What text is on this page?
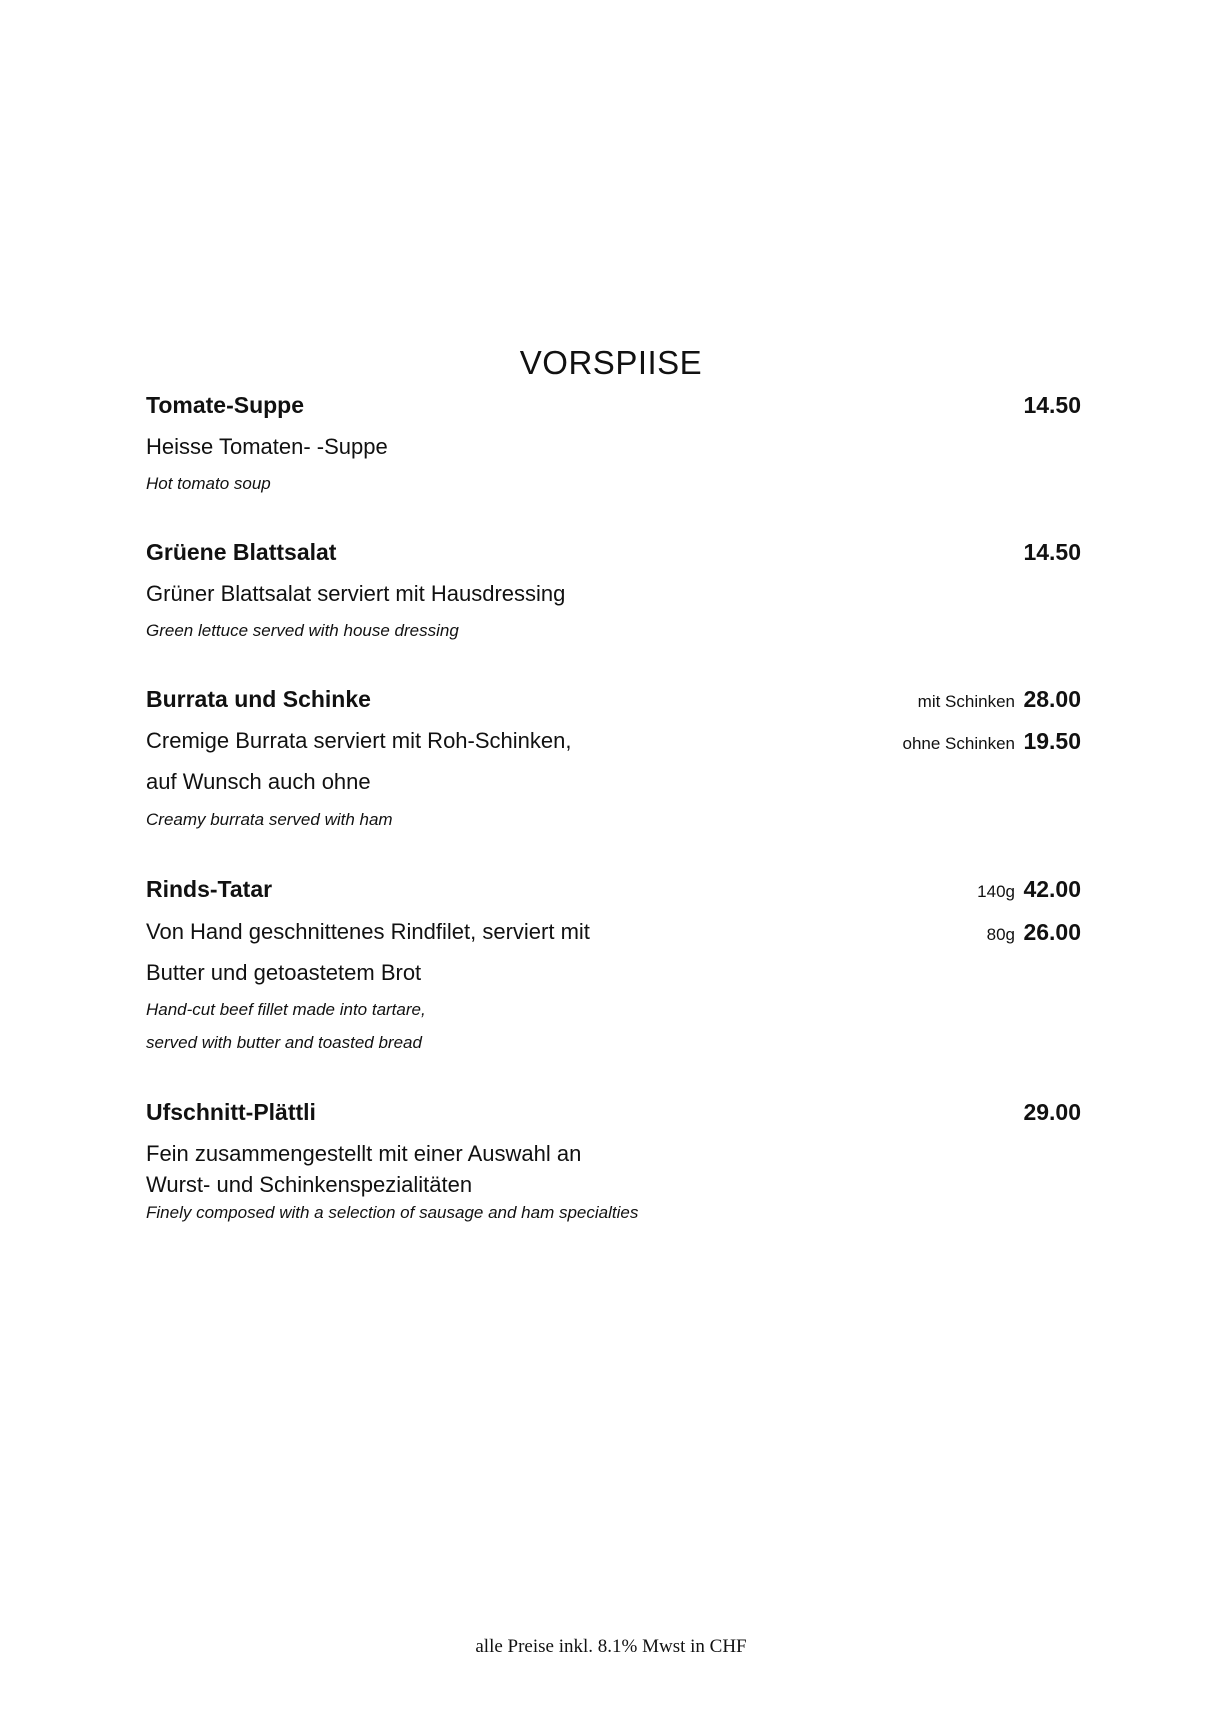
VORSPIISE
Tomate-Suppe	14.50
Heisse Tomaten- -Suppe
Hot tomato soup
Grüene Blattsalat	14.50
Grüner Blattsalat serviert mit Hausdressing
Green lettuce served with house dressing
Burrata und Schinke	mit Schinken 28.00
Cremige Burrata serviert mit Roh-Schinken,	ohne Schinken 19.50
auf Wunsch auch ohne
Creamy burrata served with ham
Rinds-Tatar	140g 42.00
Von Hand geschnittenes Rindfilet, serviert mit	80g 26.00
Butter und getoastetem Brot
Hand-cut beef fillet made into tartare,
served with butter and toasted bread
Ufschnitt-Plättli	29.00
Fein zusammengestellt mit einer Auswahl an
Wurst- und Schinkenspezialitäten
Finely composed with a selection of sausage and ham specialties
alle Preise inkl. 8.1% Mwst in CHF
